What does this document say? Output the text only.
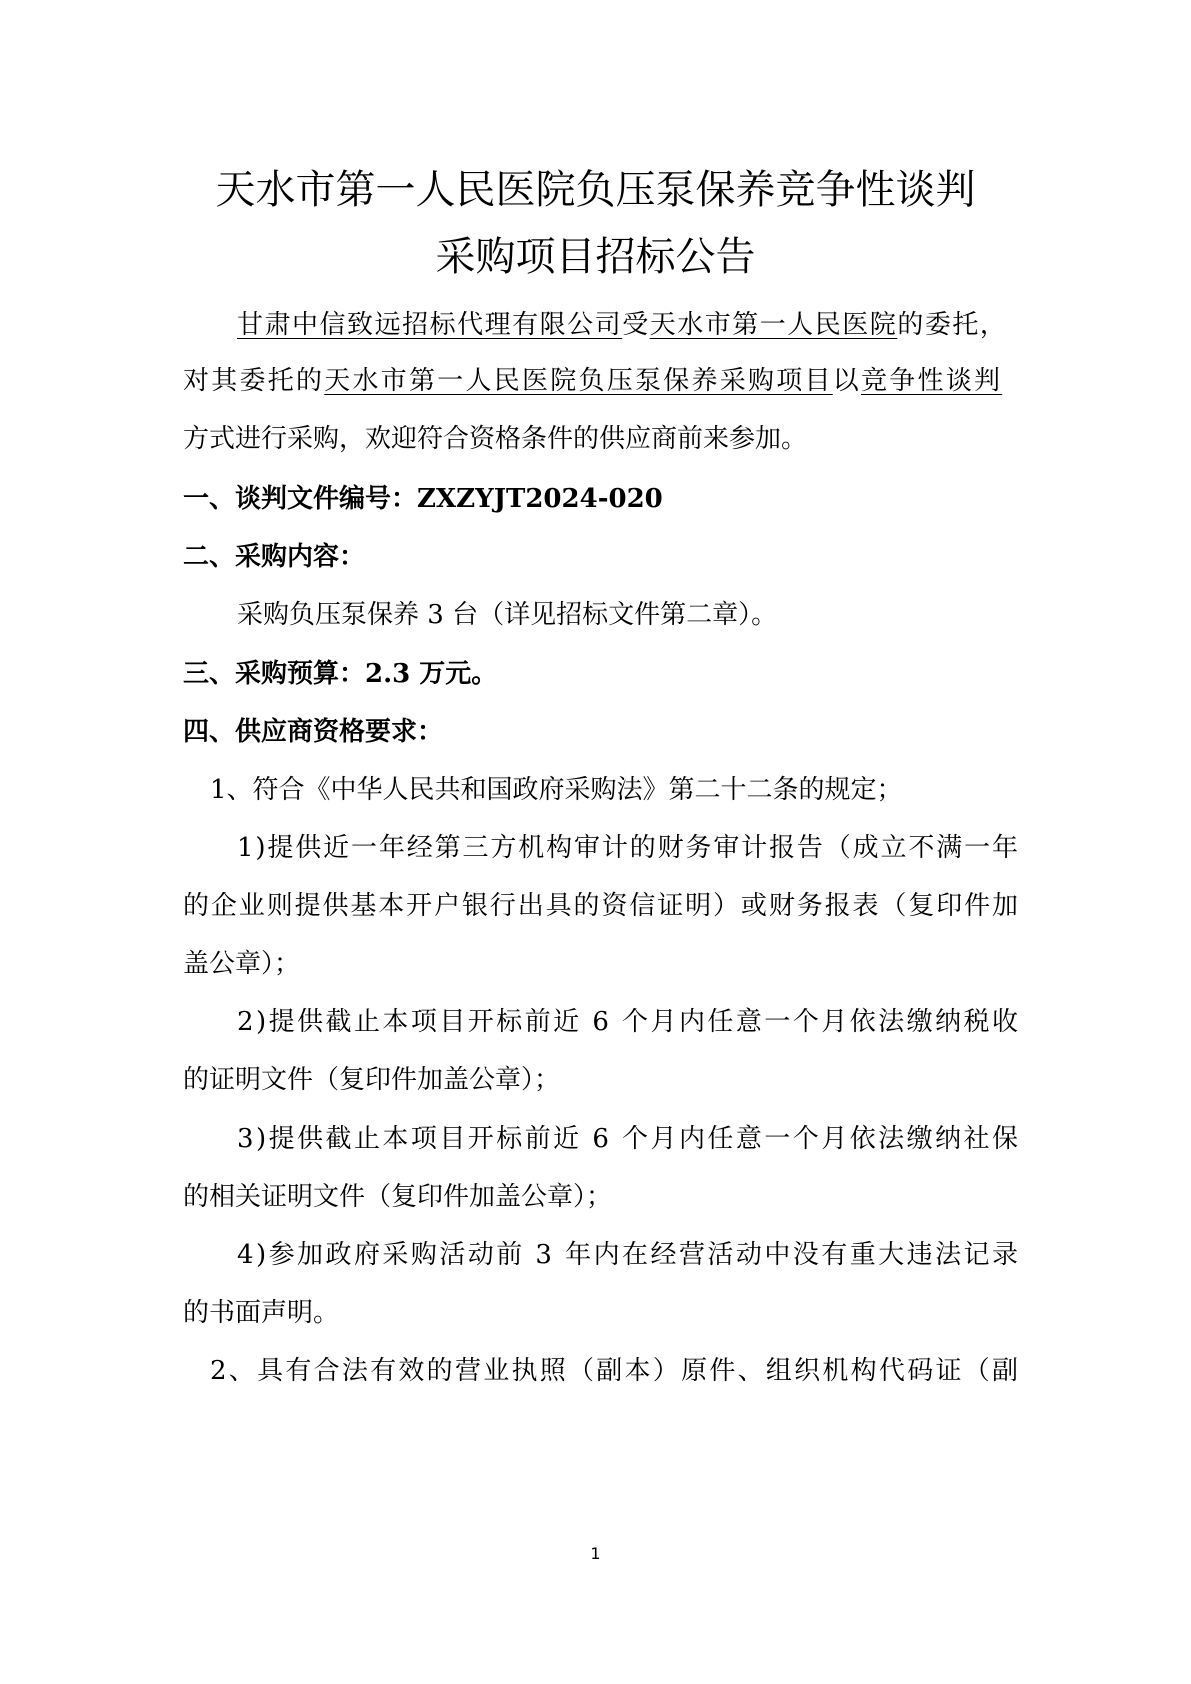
天水市第一人民医院负压泵保养竞争性谈判
采购项目招标公告
甘肃中信致远招标代理有限公司受天水市第一人民医院的委托，
对其委托的天水市第一人民医院负压泵保养采购项目以竞争性谈判
方式进行采购，欢迎符合资格条件的供应商前来参加。
一、谈判文件编号：ZXZYJT2024-020
二、采购内容：
采购负压泵保养 3 台（详见招标文件第二章）。
三、采购预算：2.3 万元。
四、供应商资格要求：
1、符合《中华人民共和国政府采购法》第二十二条的规定；
1)提供近一年经第三方机构审计的财务审计报告（成立不满一年
的企业则提供基本开户银行出具的资信证明）或财务报表（复印件加
盖公章）；
2)提供截止本项目开标前近 6 个月内任意一个月依法缴纳税收
的证明文件（复印件加盖公章）；
3)提供截止本项目开标前近 6 个月内任意一个月依法缴纳社保
的相关证明文件（复印件加盖公章）；
4)参加政府采购活动前 3 年内在经营活动中没有重大违法记录
的书面声明。
2、具有合法有效的营业执照（副本）原件、组织机构代码证（副
1
